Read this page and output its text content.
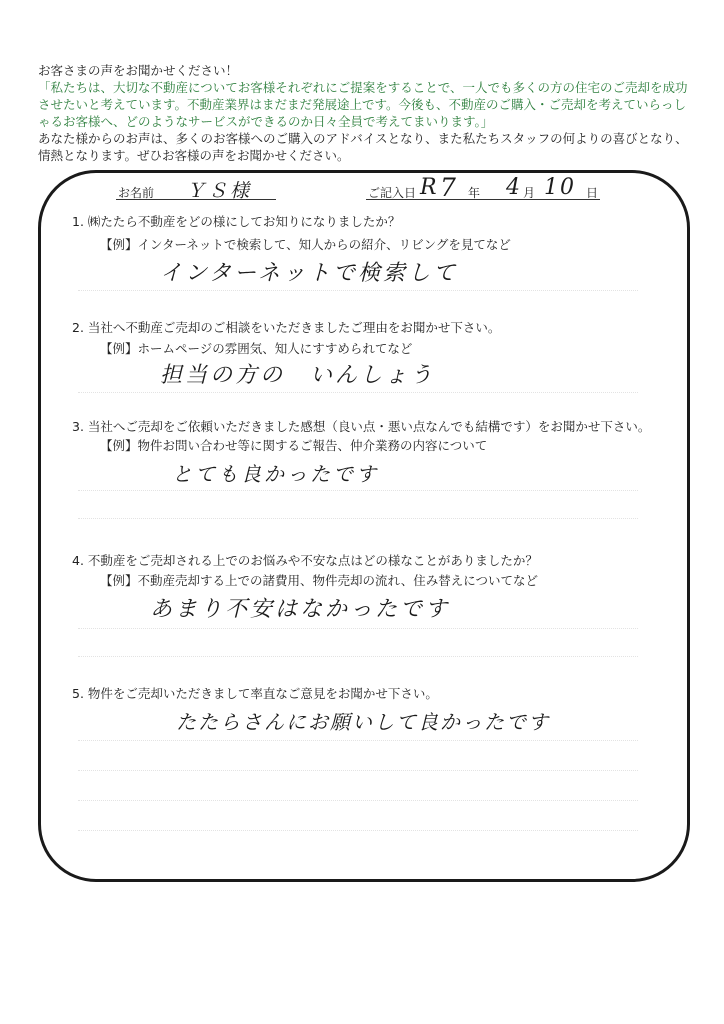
お客さまの声をお聞かせください！

「私たちは、大切な不動産についてお客様それぞれにご提案をすることで、一人でも多くの方の住宅のご売却を成功させたいと考えています。不動産業界はまだまだ発展途上です。今後も、不動産のご購入・ご売却を考えていらっしゃるお客様へ、どのようなサービスができるのか日々全員で考えてまいります。」

あなた様からのお声は、多くのお客様へのご購入のアドバイスとなり、また私たちスタッフの何よりの喜びとなり、情熱となります。ぜひお客様の声をお聞かせください。

お名前 ＹＳ様	ご記入日 R 7 年 4 月 10 日
1. ㈱たたら不動産をどの様にしてお知りになりましたか？
【例】インターネットで検索して、知人からの紹介、リビングを見てなど
インターネットで検索して
2. 当社へ不動産ご売却のご相談をいただきましたご理由をお聞かせ下さい。
【例】ホームページの雰囲気、知人にすすめられてなど
担当の方の　いんしょう
3. 当社へご売却をご依頼いただきました感想（良い点・悪い点なんでも結構です）をお聞かせ下さい。
【例】物件お問い合わせ等に関するご報告、仲介業務の内容について
とても良かったです
4. 不動産をご売却される上でのお悩みや不安な点はどの様なことがありましたか？
【例】不動産売却する上での諸費用、物件売却の流れ、住み替えについてなど
あまり不安はなかったです
5. 物件をご売却いただきまして率直なご意見をお聞かせ下さい。
たたらさんにお願いして良かったです
